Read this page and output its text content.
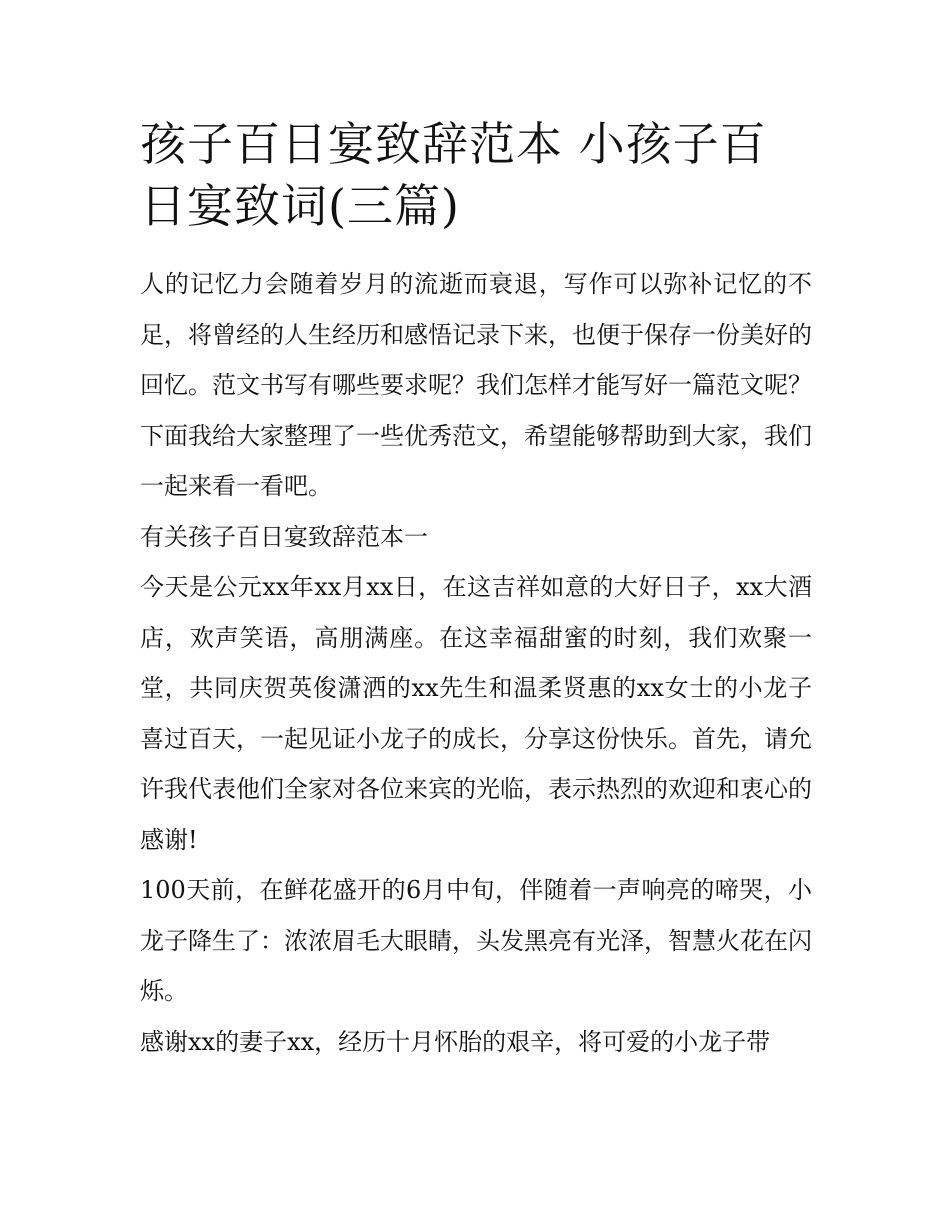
孩子百日宴致辞范本 小孩子百日宴致词(三篇)

人的记忆力会随着岁月的流逝而衰退，写作可以弥补记忆的不足，将曾经的人生经历和感悟记录下来，也便于保存一份美好的回忆。范文书写有哪些要求呢？我们怎样才能写好一篇范文呢？下面我给大家整理了一些优秀范文，希望能够帮助到大家，我们一起来看一看吧。

有关孩子百日宴致辞范本一

今天是公元xx年xx月xx日，在这吉祥如意的大好日子，xx大酒店，欢声笑语，高朋满座。在这幸福甜蜜的时刻，我们欢聚一堂，共同庆贺英俊潇洒的xx先生和温柔贤惠的xx女士的小龙子喜过百天，一起见证小龙子的成长，分享这份快乐。首先，请允许我代表他们全家对各位来宾的光临，表示热烈的欢迎和衷心的感谢!

100天前，在鲜花盛开的6月中旬，伴随着一声响亮的啼哭，小龙子降生了：浓浓眉毛大眼睛，头发黑亮有光泽，智慧火花在闪烁。

感谢xx的妻子xx，经历十月怀胎的艰辛，将可爱的小龙子带
